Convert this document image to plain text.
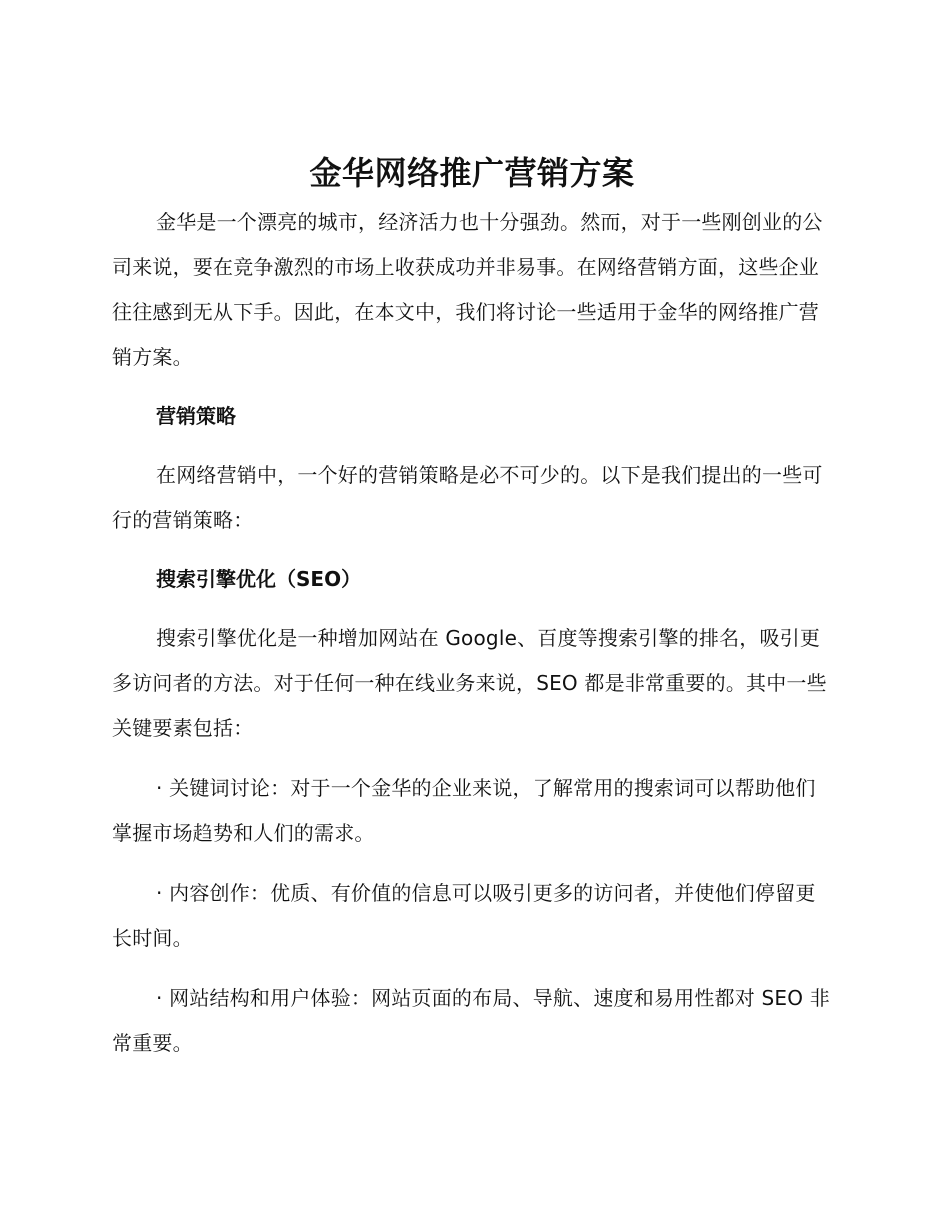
金华网络推广营销方案

金华是一个漂亮的城市，经济活力也十分强劲。然而，对于一些刚创业的公司来说，要在竞争激烈的市场上收获成功并非易事。在网络营销方面，这些企业往往感到无从下手。因此，在本文中，我们将讨论一些适用于金华的网络推广营销方案。

营销策略

在网络营销中，一个好的营销策略是必不可少的。以下是我们提出的一些可行的营销策略：

搜索引擎优化（SEO）

搜索引擎优化是一种增加网站在 Google、百度等搜索引擎的排名，吸引更多访问者的方法。对于任何一种在线业务来说，SEO 都是非常重要的。其中一些关键要素包括：

· 关键词讨论：对于一个金华的企业来说，了解常用的搜索词可以帮助他们掌握市场趋势和人们的需求。

· 内容创作：优质、有价值的信息可以吸引更多的访问者，并使他们停留更长时间。

· 网站结构和用户体验：网站页面的布局、导航、速度和易用性都对 SEO 非常重要。
